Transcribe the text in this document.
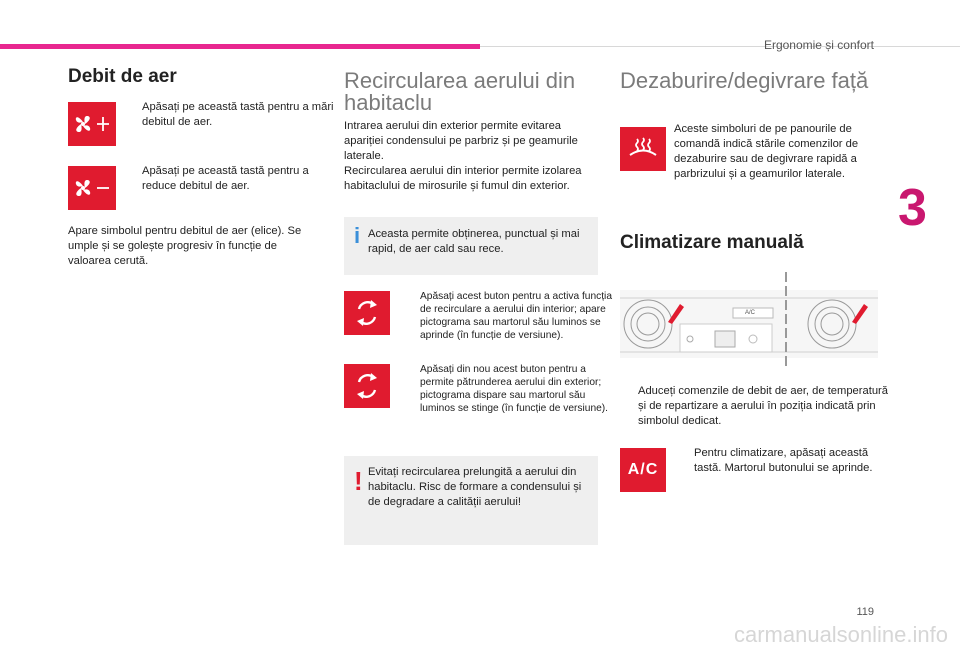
Ergonomie și confort
3
Debit de aer
Apăsați pe această tastă pentru a mări debitul de aer.
Apăsați pe această tastă pentru a reduce debitul de aer.
Apare simbolul pentru debitul de aer (elice). Se umple și se golește progresiv în funcție de valoarea cerută.
Recircularea aerului din habitaclu
Intrarea aerului din exterior permite evitarea apariției condensului pe parbriz și pe geamurile laterale.
Recircularea aerului din interior permite izolarea habitaclului de mirosurile și fumul din exterior.
i Aceasta permite obținerea, punctual și mai rapid, de aer cald sau rece.
Apăsați acest buton pentru a activa funcția de recirculare a aerului din interior; apare pictograma sau martorul său luminos se aprinde (în funcție de versiune).
Apăsați din nou acest buton pentru a permite pătrunderea aerului din exterior; pictograma dispare sau martorul său luminos se stinge (în funcție de versiune).
! Evitați recircularea prelungită a aerului din habitaclu. Risc de formare a condensului și de degradare a calității aerului!
Dezaburire/degivrare față
Aceste simboluri de pe panourile de comandă indică stările comenzilor de dezaburire sau de degivrare rapidă a parbrizului și a geamurilor laterale.
Climatizare manuală
A/C
Aduceți comenzile de debit de aer, de temperatură și de repartizare a aerului în poziția indicată prin simbolul dedicat.
A/C
Pentru climatizare, apăsați această tastă. Martorul butonului se aprinde.
119
carmanualsonline.info
